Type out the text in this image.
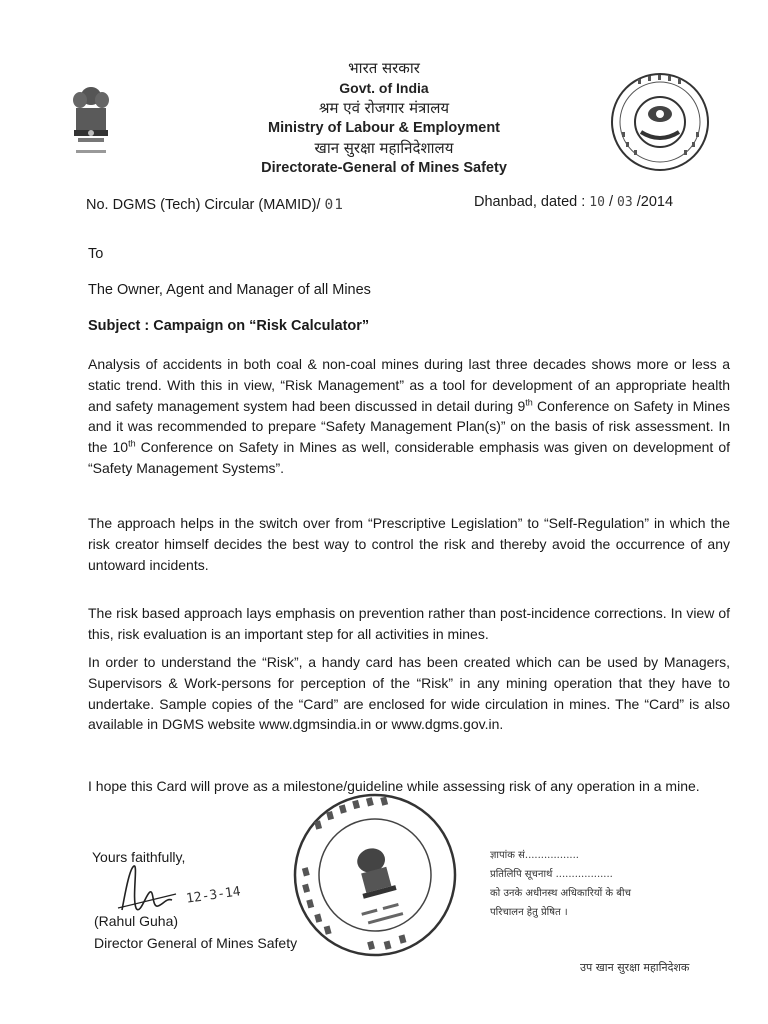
भारत सरकार
Govt. of India
श्रम एवं रोजगार मंत्रालय
Ministry of Labour & Employment
खान सुरक्षा महानिदेशालय
Directorate-General of Mines Safety
No. DGMS (Tech) Circular (MAMID)/ 01	Dhanbad, dated : 10 / 03 /2014
To
The Owner, Agent and Manager of all Mines
Subject : Campaign on “Risk Calculator”
Analysis of accidents in both coal & non-coal mines during last three decades shows more or less a static trend. With this in view, “Risk Management” as a tool for development of an appropriate health and safety management system had been discussed in detail during 9th Conference on Safety in Mines and it was recommended to prepare “Safety Management Plan(s)” on the basis of risk assessment. In the 10th Conference on Safety in Mines as well, considerable emphasis was given on development of “Safety Management Systems”.
The approach helps in the switch over from “Prescriptive Legislation” to “Self-Regulation” in which the risk creator himself decides the best way to control the risk and thereby avoid the occurrence of any untoward incidents.
The risk based approach lays emphasis on prevention rather than post-incidence corrections. In view of this, risk evaluation is an important step for all activities in mines.
In order to understand the “Risk”, a handy card has been created which can be used by Managers, Supervisors & Work-persons for perception of the “Risk” in any mining operation that they have to undertake. Sample copies of the “Card” are enclosed for wide circulation in mines. The “Card” is also available in DGMS website www.dgmsindia.in or www.dgms.gov.in.
I hope this Card will prove as a milestone/guideline while assessing risk of any operation in a mine.
Yours faithfully,
12-3-14
(Rahul Guha)
Director General of Mines Safety
ज्ञापांक सं.................
प्रतिलिपि सूचनार्थ ..................
को उनके अधीनस्थ अधिकारियों के बीच
परिचालन हेतु प्रेषित ।
उप खान सुरक्षा महानिदेशक
